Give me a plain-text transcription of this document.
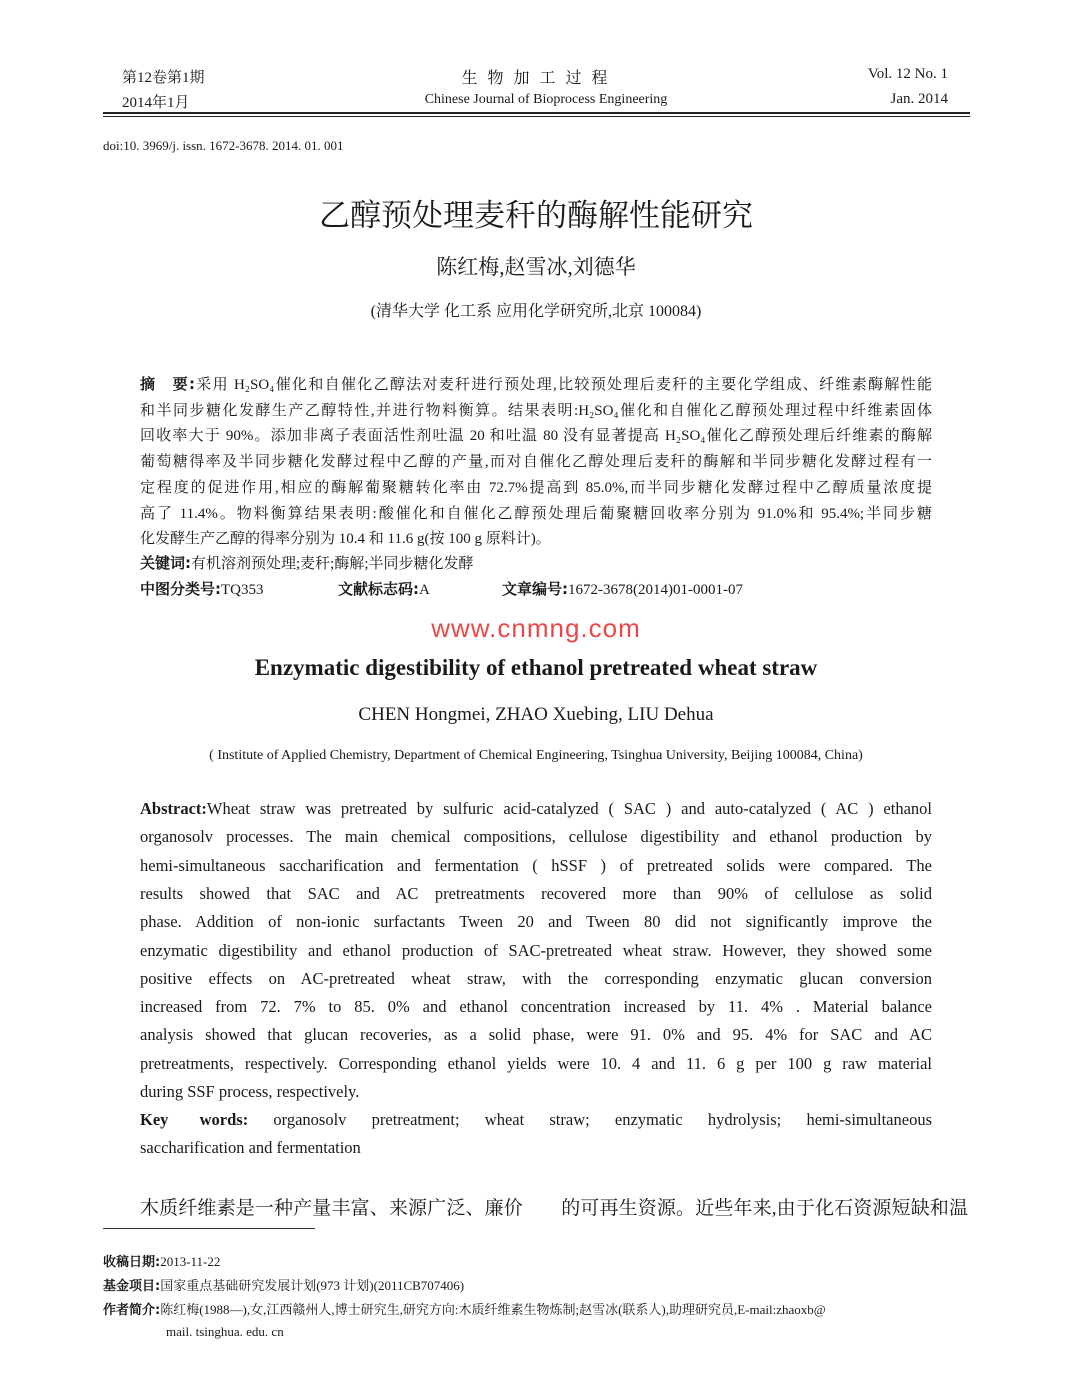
第12卷第1期
2014年1月
生 物 加 工 过 程
Chinese Journal of Bioprocess Engineering
Vol. 12 No. 1
Jan. 2014
doi:10. 3969/j. issn. 1672-3678. 2014. 01. 001
乙醇预处理麦秆的酶解性能研究
陈红梅,赵雪冰,刘德华
(清华大学 化工系 应用化学研究所,北京 100084)
摘　要:采用 H₂SO₄催化和自催化乙醇法对麦秆进行预处理,比较预处理后麦秆的主要化学组成、纤维素酶解性能
和半同步糖化发酵生产乙醇特性,并进行物料衡算。结果表明:H₂SO₄催化和自催化乙醇预处理过程中纤维素固体
回收率大于 90%。添加非离子表面活性剂吐温 20 和吐温 80 没有显著提高 H₂SO₄催化乙醇预处理后纤维素的酶解
葡萄糖得率及半同步糖化发酵过程中乙醇的产量,而对自催化乙醇处理后麦秆的酶解和半同步糖化发酵过程有一
定程度的促进作用,相应的酶解葡聚糖转化率由 72.7%提高到 85.0%,而半同步糖化发酵过程中乙醇质量浓度提
高了 11.4%。物料衡算结果表明:酸催化和自催化乙醇预处理后葡聚糖回收率分别为 91.0%和 95.4%;半同步糖
化发酵生产乙醇的得率分别为 10.4 和 11.6 g(按 100 g 原料计)。
关键词:有机溶剂预处理;麦秆;酶解;半同步糖化发酵
中图分类号:TQ353	文献标志码:A	文章编号:1672-3678(2014)01-0001-07
www.cnmng.com
Enzymatic digestibility of ethanol pretreated wheat straw
CHEN Hongmei, ZHAO Xuebing, LIU Dehua
( Institute of Applied Chemistry, Department of Chemical Engineering, Tsinghua University, Beijing 100084, China)
Abstract:Wheat straw was pretreated by sulfuric acid-catalyzed ( SAC ) and auto-catalyzed ( AC ) ethanol
organosolv processes. The main chemical compositions, cellulose digestibility and ethanol production by
hemi-simultaneous saccharification and fermentation ( hSSF ) of pretreated solids were compared. The
results showed that SAC and AC pretreatments recovered more than 90% of cellulose as solid
phase. Addition of non-ionic surfactants Tween 20 and Tween 80 did not significantly improve the
enzymatic digestibility and ethanol production of SAC-pretreated wheat straw. However, they showed some
positive effects on AC-pretreated wheat straw, with the corresponding enzymatic glucan conversion
increased from 72. 7% to 85. 0% and ethanol concentration increased by 11. 4% . Material balance
analysis showed that glucan recoveries, as a solid phase, were 91. 0% and 95. 4% for SAC and AC
pretreatments, respectively. Corresponding ethanol yields were 10. 4 and 11. 6 g per 100 g raw material
during SSF process, respectively.
Key words: organosolv pretreatment; wheat straw; enzymatic hydrolysis; hemi-simultaneous
saccharification and fermentation
木质纤维素是一种产量丰富、来源广泛、廉价　　的可再生资源。近些年来,由于化石资源短缺和温
收稿日期:2013-11-22
基金项目:国家重点基础研究发展计划(973 计划)(2011CB707406)
作者简介:陈红梅(1988—),女,江西赣州人,博士研究生,研究方向:木质纤维素生物炼制;赵雪冰(联系人),助理研究员,E-mail:zhaoxb@
mail. tsinghua. edu. cn
